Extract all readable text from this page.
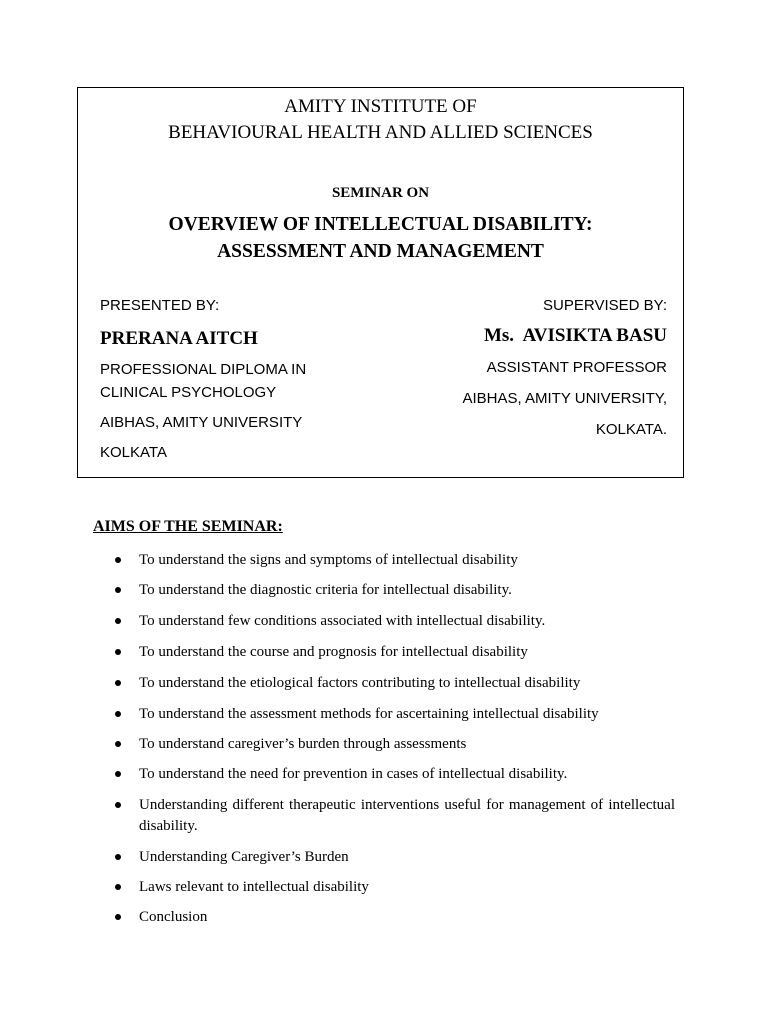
AMITY INSTITUTE OF
BEHAVIOURAL HEALTH AND ALLIED SCIENCES
SEMINAR ON
OVERVIEW OF INTELLECTUAL DISABILITY:
ASSESSMENT AND MANAGEMENT
PRESENTED BY:
PRERANA AITCH
PROFESSIONAL DIPLOMA IN
CLINICAL PSYCHOLOGY
AIBHAS, AMITY UNIVERSITY
KOLKATA
SUPERVISED BY:
Ms.  AVISIKTA BASU
ASSISTANT PROFESSOR
AIBHAS, AMITY UNIVERSITY,
KOLKATA.
AIMS OF THE SEMINAR:
To understand the signs and symptoms of intellectual disability
To understand the diagnostic criteria for intellectual disability.
To understand few conditions associated with intellectual disability.
To understand the course and prognosis for intellectual disability
To understand the etiological factors contributing to intellectual disability
To understand the assessment methods for ascertaining intellectual disability
To understand caregiver’s burden through assessments
To understand the need for prevention in cases of intellectual disability.
Understanding different therapeutic interventions useful for management of intellectual disability.
Understanding Caregiver’s Burden
Laws relevant to intellectual disability
Conclusion
